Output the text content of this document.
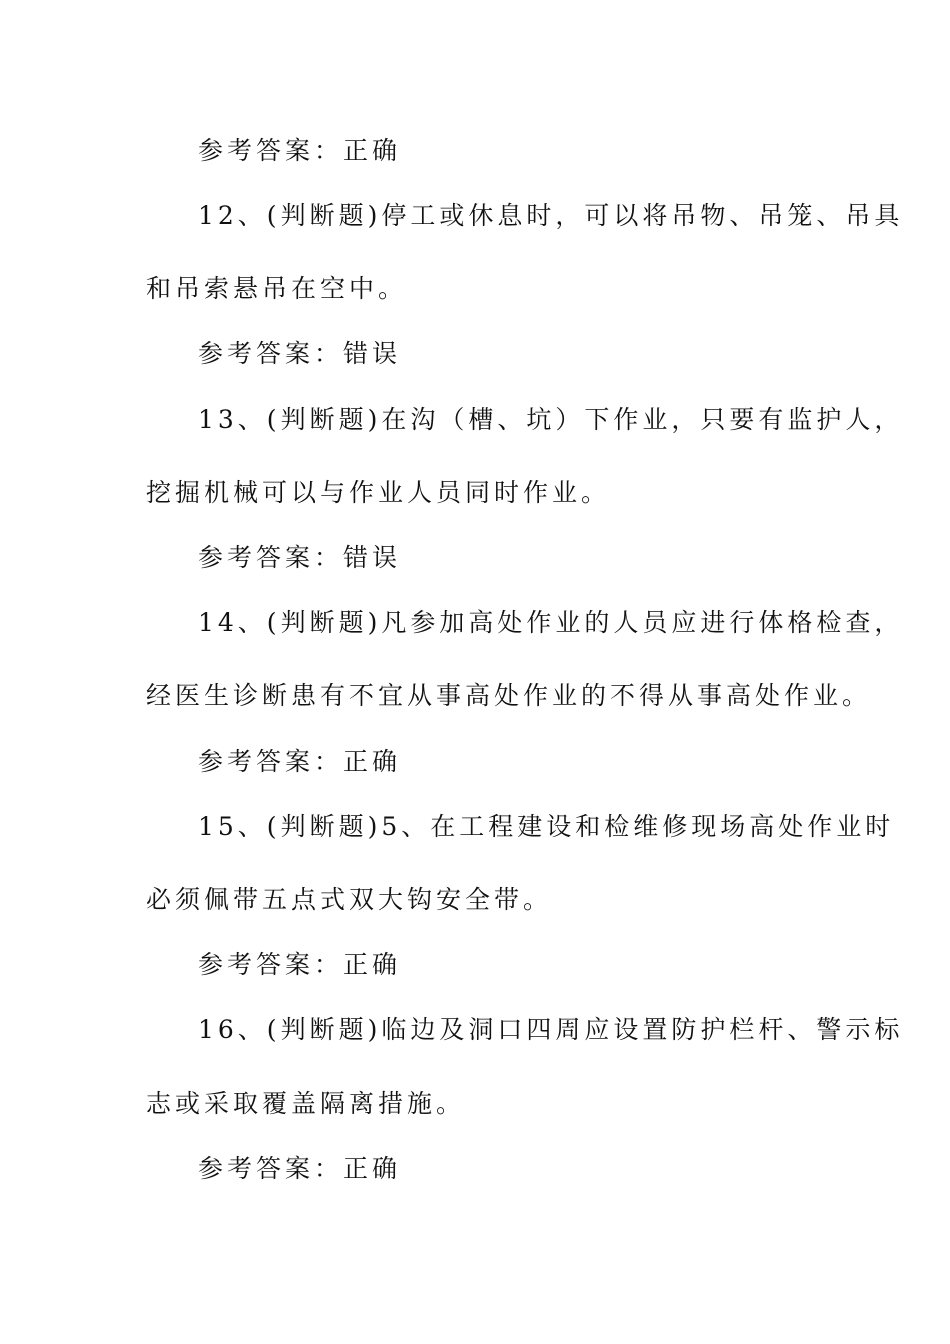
参考答案：正确
12、(判断题)停工或休息时，可以将吊物、吊笼、吊具
和吊索悬吊在空中。
参考答案：错误
13、(判断题)在沟（槽、坑）下作业，只要有监护人，
挖掘机械可以与作业人员同时作业。
参考答案：错误
14、(判断题)凡参加高处作业的人员应进行体格检查，
经医生诊断患有不宜从事高处作业的不得从事高处作业。
参考答案：正确
15、(判断题)5、在工程建设和检维修现场高处作业时
必须佩带五点式双大钩安全带。
参考答案：正确
16、(判断题)临边及洞口四周应设置防护栏杆、警示标
志或采取覆盖隔离措施。
参考答案：正确
